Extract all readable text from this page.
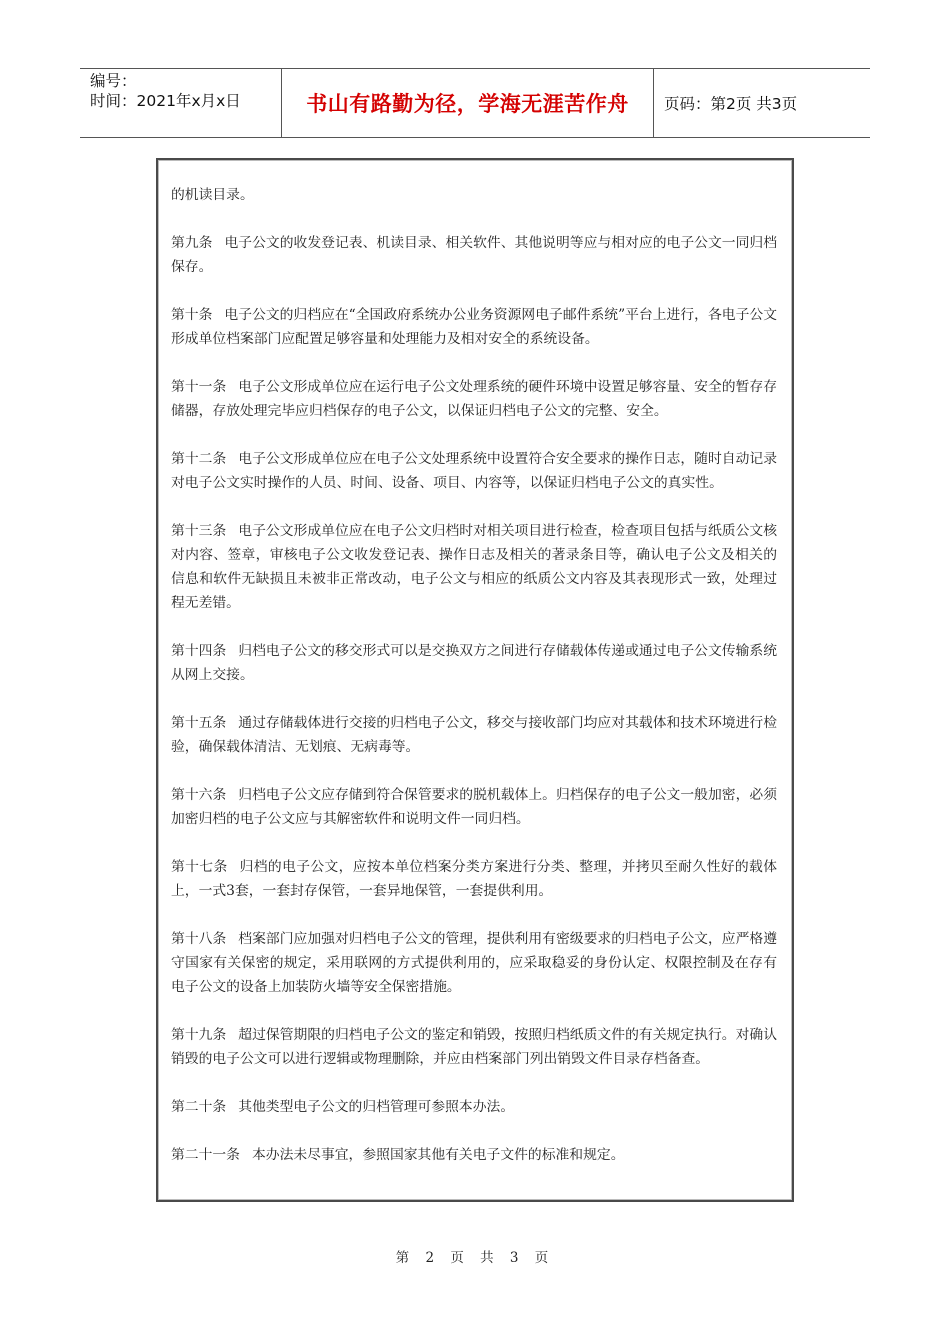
编号：
时间：2021年x月x日	书山有路勤为径，学海无涯苦作舟	页码：第2页 共3页

的机读目录。

第九条 电子公文的收发登记表、机读目录、相关软件、其他说明等应与相对应的电子公文一同归档保存。

第十条 电子公文的归档应在“全国政府系统办公业务资源网电子邮件系统”平台上进行，各电子公文形成单位档案部门应配置足够容量和处理能力及相对安全的系统设备。

第十一条 电子公文形成单位应在运行电子公文处理系统的硬件环境中设置足够容量、安全的暂存存储器，存放处理完毕应归档保存的电子公文，以保证归档电子公文的完整、安全。

第十二条 电子公文形成单位应在电子公文处理系统中设置符合安全要求的操作日志，随时自动记录对电子公文实时操作的人员、时间、设备、项目、内容等，以保证归档电子公文的真实性。

第十三条 电子公文形成单位应在电子公文归档时对相关项目进行检查，检查项目包括与纸质公文核对内容、签章，审核电子公文收发登记表、操作日志及相关的著录条目等，确认电子公文及相关的信息和软件无缺损且未被非正常改动，电子公文与相应的纸质公文内容及其表现形式一致，处理过程无差错。

第十四条 归档电子公文的移交形式可以是交换双方之间进行存储载体传递或通过电子公文传输系统从网上交接。

第十五条 通过存储载体进行交接的归档电子公文，移交与接收部门均应对其载体和技术环境进行检验，确保载体清洁、无划痕、无病毒等。

第十六条 归档电子公文应存储到符合保管要求的脱机载体上。归档保存的电子公文一般加密，必须加密归档的电子公文应与其解密软件和说明文件一同归档。

第十七条 归档的电子公文，应按本单位档案分类方案进行分类、整理，并拷贝至耐久性好的载体上，一式3套，一套封存保管，一套异地保管，一套提供利用。

第十八条 档案部门应加强对归档电子公文的管理，提供利用有密级要求的归档电子公文，应严格遵守国家有关保密的规定，采用联网的方式提供利用的，应采取稳妥的身份认定、权限控制及在存有电子公文的设备上加装防火墙等安全保密措施。

第十九条 超过保管期限的归档电子公文的鉴定和销毁，按照归档纸质文件的有关规定执行。对确认销毁的电子公文可以进行逻辑或物理删除，并应由档案部门列出销毁文件目录存档备查。

第二十条 其他类型电子公文的归档管理可参照本办法。

第二十一条 本办法未尽事宜，参照国家其他有关电子文件的标准和规定。

第 2 页 共 3 页
